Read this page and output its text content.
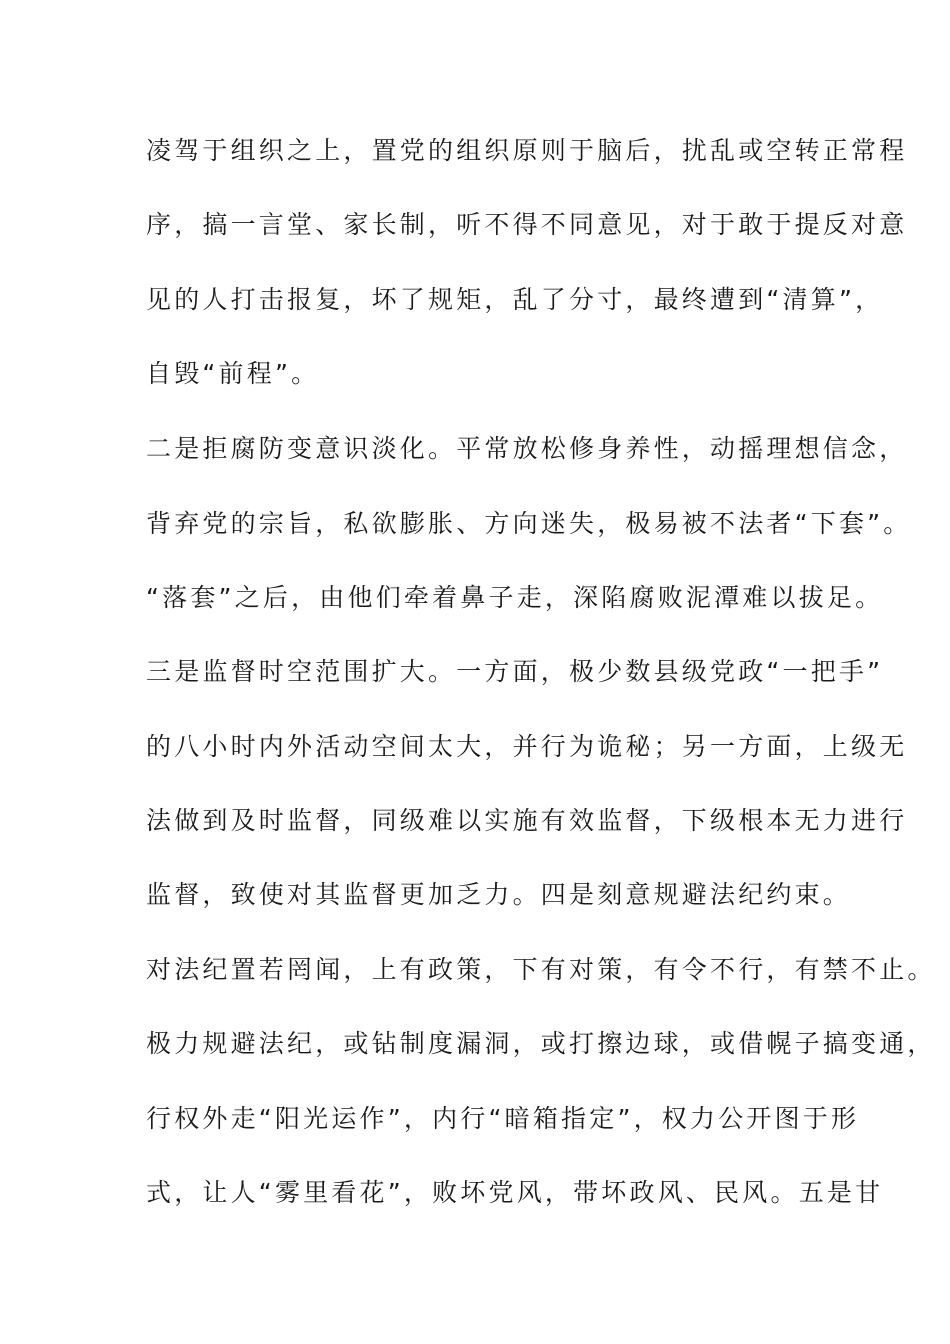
凌驾于组织之上，置党的组织原则于脑后，扰乱或空转正常程
序，搞一言堂、家长制，听不得不同意见，对于敢于提反对意
见的人打击报复，坏了规矩，乱了分寸，最终遭到“清算”，
自毁“前程”。
二是拒腐防变意识淡化。平常放松修身养性，动摇理想信念，
背弃党的宗旨，私欲膨胀、方向迷失，极易被不法者“下套”。
“落套”之后，由他们牵着鼻子走，深陷腐败泥潭难以拔足。
三是监督时空范围扩大。一方面，极少数县级党政“一把手”
的八小时内外活动空间太大，并行为诡秘；另一方面，上级无
法做到及时监督，同级难以实施有效监督，下级根本无力进行
监督，致使对其监督更加乏力。四是刻意规避法纪约束。
对法纪置若罔闻，上有政策，下有对策，有令不行，有禁不止。
极力规避法纪，或钻制度漏洞，或打擦边球，或借幌子搞变通，
行权外走“阳光运作”，内行“暗箱指定”，权力公开图于形
式，让人“雾里看花”，败坏党风，带坏政风、民风。五是甘
